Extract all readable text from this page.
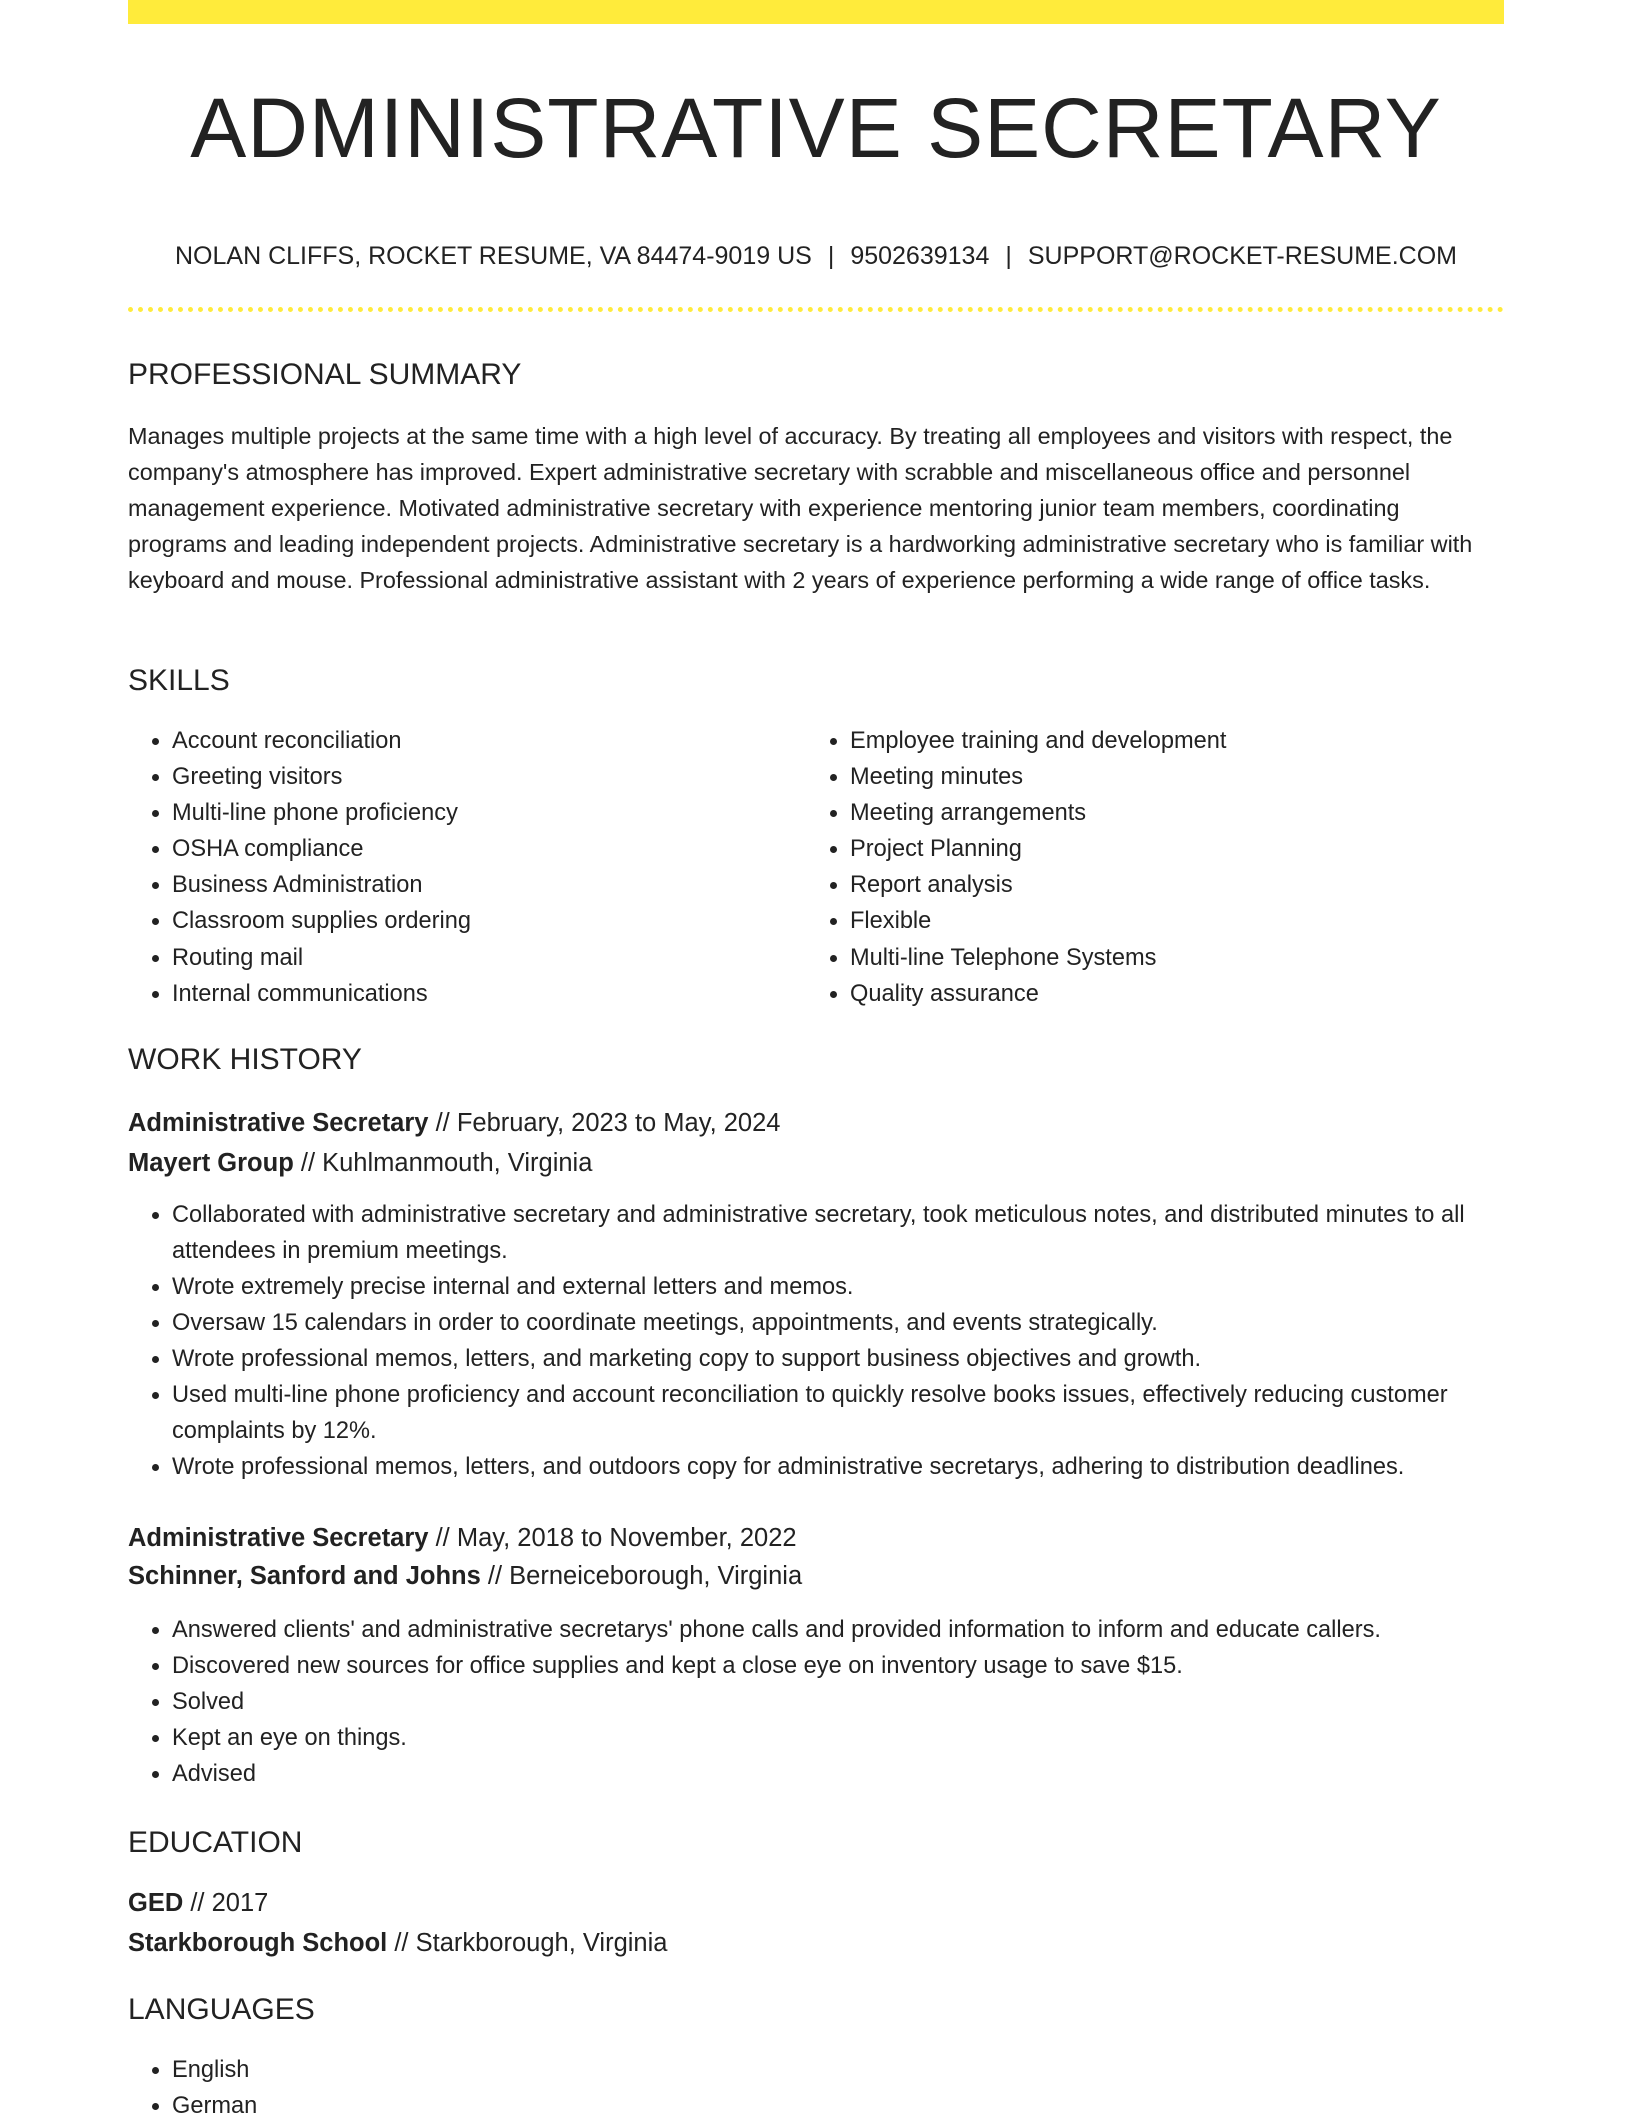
ADMINISTRATIVE SECRETARY
NOLAN CLIFFS, ROCKET RESUME, VA 84474-9019 US | 9502639134 | SUPPORT@ROCKET-RESUME.COM
PROFESSIONAL SUMMARY

Manages multiple projects at the same time with a high level of accuracy. By treating all employees and visitors with respect, the company's atmosphere has improved. Expert administrative secretary with scrabble and miscellaneous office and personnel management experience. Motivated administrative secretary with experience mentoring junior team members, coordinating programs and leading independent projects. Administrative secretary is a hardworking administrative secretary who is familiar with keyboard and mouse. Professional administrative assistant with 2 years of experience performing a wide range of office tasks.

SKILLS
• Account reconciliation
• Greeting visitors
• Multi-line phone proficiency
• OSHA compliance
• Business Administration
• Classroom supplies ordering
• Routing mail
• Internal communications
• Employee training and development
• Meeting minutes
• Meeting arrangements
• Project Planning
• Report analysis
• Flexible
• Multi-line Telephone Systems
• Quality assurance
WORK HISTORY
Administrative Secretary // February, 2023 to May, 2024
Mayert Group // Kuhlmanmouth, Virginia
• Collaborated with administrative secretary and administrative secretary, took meticulous notes, and distributed minutes to all attendees in premium meetings.
• Wrote extremely precise internal and external letters and memos.
• Oversaw 15 calendars in order to coordinate meetings, appointments, and events strategically.
• Wrote professional memos, letters, and marketing copy to support business objectives and growth.
• Used multi-line phone proficiency and account reconciliation to quickly resolve books issues, effectively reducing customer complaints by 12%.
• Wrote professional memos, letters, and outdoors copy for administrative secretarys, adhering to distribution deadlines.
Administrative Secretary // May, 2018 to November, 2022
Schinner, Sanford and Johns // Berneiceborough, Virginia
• Answered clients' and administrative secretarys' phone calls and provided information to inform and educate callers.
• Discovered new sources for office supplies and kept a close eye on inventory usage to save $15.
• Solved
• Kept an eye on things.
• Advised
EDUCATION
GED // 2017
Starkborough School // Starkborough, Virginia
LANGUAGES
• English
• German
